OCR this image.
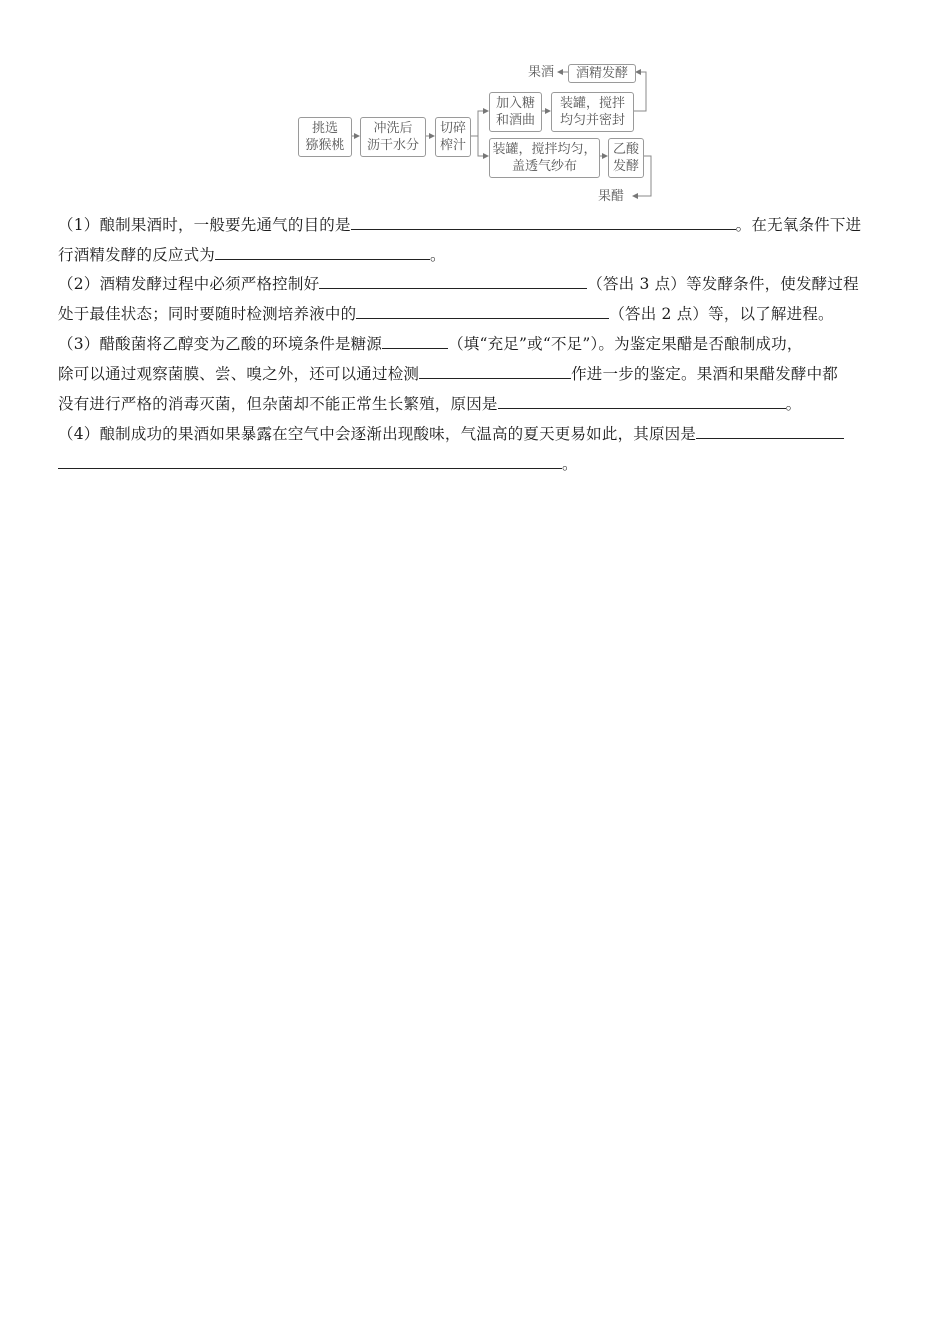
挑选
猕猴桃
冲洗后
沥干水分
切碎
榨汁
加入糖
和酒曲
装罐，搅拌
均匀并密封
酒精发酵
装罐，搅拌均匀，
盖透气纱布
乙酸
发酵
果酒
果醋
（1）酿制果酒时，一般要先通气的目的是	。在无氧条件下进
行酒精发酵的反应式为	。
（2）酒精发酵过程中必须严格控制好	（答出 3 点）等发酵条件，使发酵过程
处于最佳状态；同时要随时检测培养液中的	（答出 2 点）等，以了解进程。
（3）醋酸菌将乙醇变为乙酸的环境条件是糖源	（填“充足”或“不足”）。为鉴定果醋是否酿制成功，
除可以通过观察菌膜、尝、嗅之外，还可以通过检测	作进一步的鉴定。果酒和果醋发酵中都
没有进行严格的消毒灭菌，但杂菌却不能正常生长繁殖，原因是	。
（4）酿制成功的果酒如果暴露在空气中会逐渐出现酸味，气温高的夏天更易如此，其原因是
。
